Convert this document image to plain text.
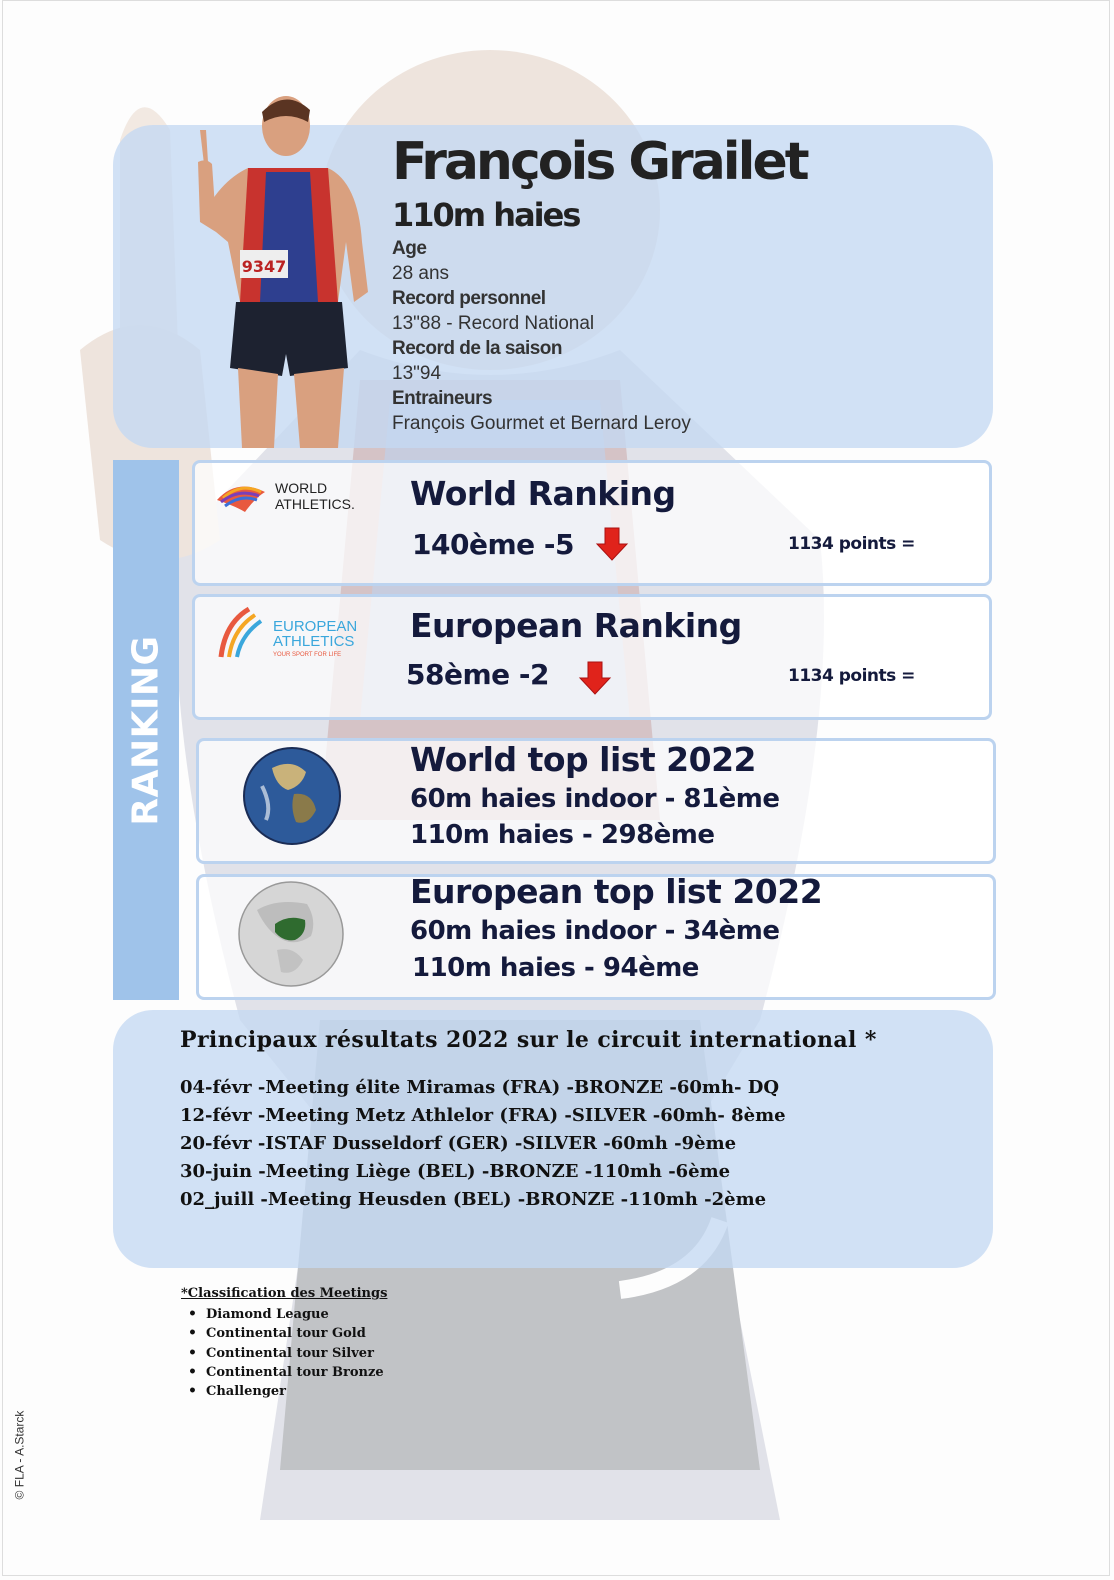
9347
François Grailet
110m haies
Age
28 ans
Record personnel
13"88 - Record National
Record de la saison
13"94
Entraineurs
François Gourmet et Bernard Leroy
RANKING
WORLD
ATHLETICS. World Ranking
140ème -5	1134 points =
EUROPEAN
ATHLETICS
YOUR SPORT FOR LIFE
European Ranking
58ème -2	1134 points =
World top list 2022
60m haies indoor - 81ème
110m haies - 298ème
European top list 2022
60m haies indoor - 34ème
110m haies - 94ème
Principaux résultats 2022 sur le circuit international *
04-févr -Meeting élite Miramas (FRA) -BRONZE -60mh- DQ
12-févr -Meeting Metz Athlelor (FRA) -SILVER -60mh- 8ème
20-févr -ISTAF Dusseldorf (GER) -SILVER -60mh -9ème
30-juin -Meeting Liège (BEL) -BRONZE -110mh -6ème
02_juill -Meeting Heusden (BEL) -BRONZE -110mh -2ème
*Classification des Meetings
• Diamond League
• Continental tour Gold
• Continental tour Silver
• Continental tour Bronze
• Challenger
© FLA - A.Starck
